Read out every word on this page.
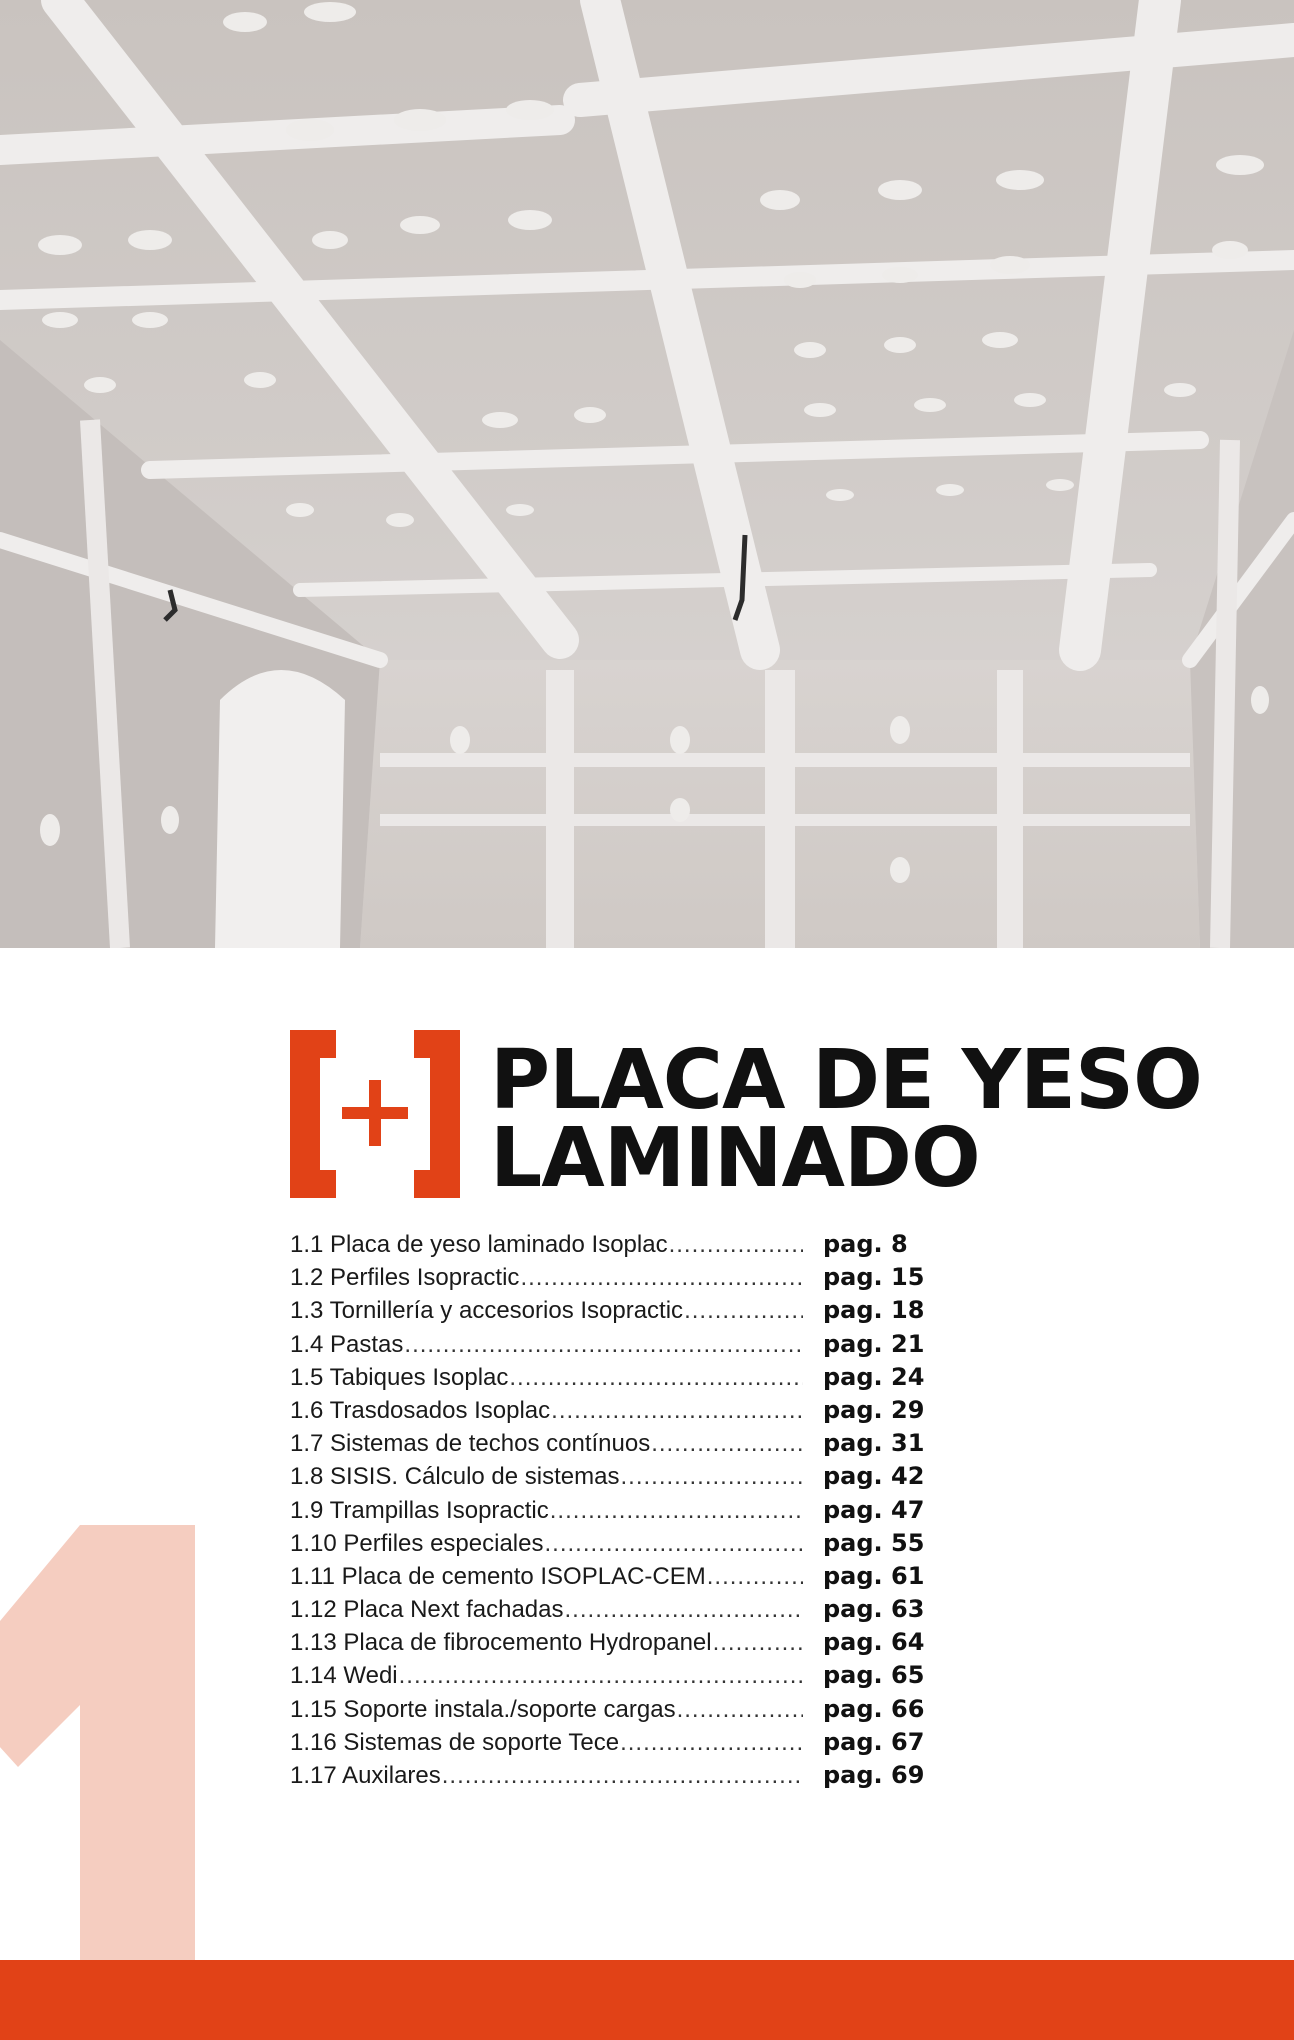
PLACA DE YESO
LAMINADO
1.1 Placa de yeso laminado Isoplac .....	pag. 8
1.2 Perfiles Isopractic .....	pag. 15
1.3 Tornillería y accesorios Isopractic .....	pag. 18
1.4 Pastas .....	pag. 21
1.5 Tabiques Isoplac .....	pag. 24
1.6 Trasdosados Isoplac .....	pag. 29
1.7 Sistemas de techos contínuos .....	pag. 31
1.8 SISIS. Cálculo de sistemas .....	pag. 42
1.9 Trampillas Isopractic .....	pag. 47
1.10 Perfiles especiales .....	pag. 55
1.11 Placa de cemento ISOPLAC-CEM .....	pag. 61
1.12 Placa Next fachadas .....	pag. 63
1.13 Placa de fibrocemento Hydropanel .....	pag. 64
1.14 Wedi .....	pag. 65
1.15 Soporte instala./soporte cargas .....	pag. 66
1.16 Sistemas de soporte Tece .....	pag. 67
1.17 Auxilares .....	pag. 69
